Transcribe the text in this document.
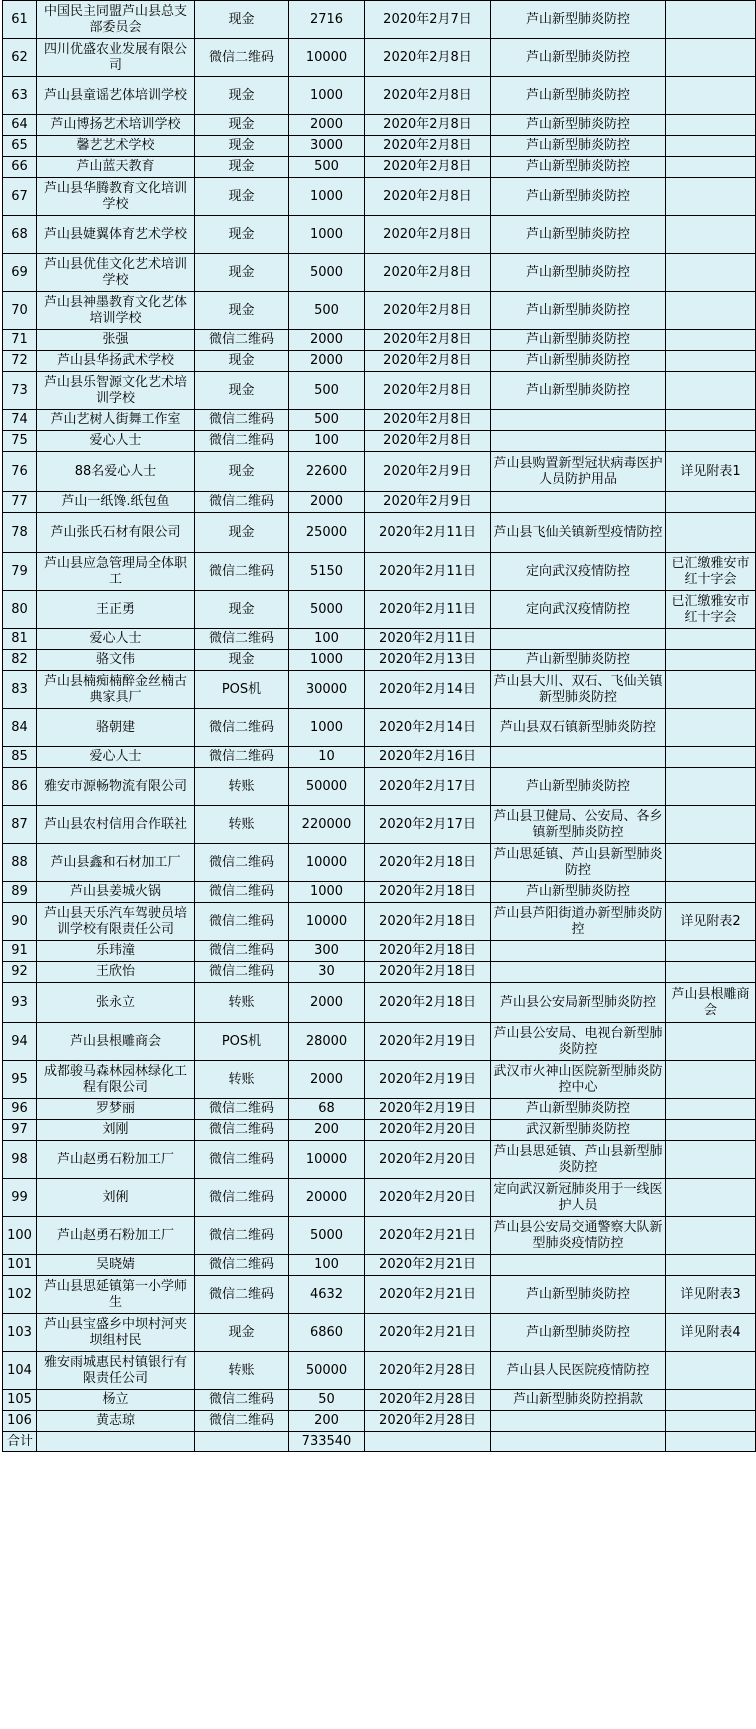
61	中国民主同盟芦山县总支部委员会	现金	2716	2020年2月7日	芦山新型肺炎防控	
62	四川优盛农业发展有限公司	微信二维码	10000	2020年2月8日	芦山新型肺炎防控	
63	芦山县童谣艺体培训学校	现金	1000	2020年2月8日	芦山新型肺炎防控	
64	芦山博扬艺术培训学校	现金	2000	2020年2月8日	芦山新型肺炎防控	
65	馨艺艺术学校	现金	3000	2020年2月8日	芦山新型肺炎防控	
66	芦山蓝天教育	现金	500	2020年2月8日	芦山新型肺炎防控	
67	芦山县华腾教育文化培训学校	现金	1000	2020年2月8日	芦山新型肺炎防控	
68	芦山县婕翼体育艺术学校	现金	1000	2020年2月8日	芦山新型肺炎防控	
69	芦山县优佳文化艺术培训学校	现金	5000	2020年2月8日	芦山新型肺炎防控	
70	芦山县神墨教育文化艺体培训学校	现金	500	2020年2月8日	芦山新型肺炎防控	
71	张强	微信二维码	2000	2020年2月8日	芦山新型肺炎防控	
72	芦山县华扬武术学校	现金	2000	2020年2月8日	芦山新型肺炎防控	
73	芦山县乐智源文化艺术培训学校	现金	500	2020年2月8日	芦山新型肺炎防控	
74	芦山艺树人街舞工作室	微信二维码	500	2020年2月8日		
75	爱心人士	微信二维码	100	2020年2月8日		
76	88名爱心人士	现金	22600	2020年2月9日	芦山县购置新型冠状病毒医护人员防护用品	详见附表1
77	芦山一纸馋.纸包鱼	微信二维码	2000	2020年2月9日		
78	芦山张氏石材有限公司	现金	25000	2020年2月11日	芦山县飞仙关镇新型疫情防控	
79	芦山县应急管理局全体职工	微信二维码	5150	2020年2月11日	定向武汉疫情防控	已汇缴雅安市红十字会
80	王正勇	现金	5000	2020年2月11日	定向武汉疫情防控	已汇缴雅安市红十字会
81	爱心人士	微信二维码	100	2020年2月11日		
82	骆文伟	现金	1000	2020年2月13日	芦山新型肺炎防控	
83	芦山县楠痴楠醉金丝楠古典家具厂	POS机	30000	2020年2月14日	芦山县大川、双石、飞仙关镇新型肺炎防控	
84	骆朝建	微信二维码	1000	2020年2月14日	芦山县双石镇新型肺炎防控	
85	爱心人士	微信二维码	10	2020年2月16日		
86	雅安市源畅物流有限公司	转账	50000	2020年2月17日	芦山新型肺炎防控	
87	芦山县农村信用合作联社	转账	220000	2020年2月17日	芦山县卫健局、公安局、各乡镇新型肺炎防控	
88	芦山县鑫和石材加工厂	微信二维码	10000	2020年2月18日	芦山思延镇、芦山县新型肺炎防控	
89	芦山县姜城火锅	微信二维码	1000	2020年2月18日	芦山新型肺炎防控	
90	芦山县天乐汽车驾驶员培训学校有限责任公司	微信二维码	10000	2020年2月18日	芦山县芦阳街道办新型肺炎防控	详见附表2
91	乐玮潼	微信二维码	300	2020年2月18日		
92	王欣怡	微信二维码	30	2020年2月18日		
93	张永立	转账	2000	2020年2月18日	芦山县公安局新型肺炎防控	芦山县根雕商会
94	芦山县根雕商会	POS机	28000	2020年2月19日	芦山县公安局、电视台新型肺炎防控	
95	成都骏马森林园林绿化工程有限公司	转账	2000	2020年2月19日	武汉市火神山医院新型肺炎防控中心	
96	罗梦丽	微信二维码	68	2020年2月19日	芦山新型肺炎防控	
97	刘刚	微信二维码	200	2020年2月20日	武汉新型肺炎防控	
98	芦山赵勇石粉加工厂	微信二维码	10000	2020年2月20日	芦山县思延镇、芦山县新型肺炎防控	
99	刘俐	微信二维码	20000	2020年2月20日	定向武汉新冠肺炎用于一线医护人员	
100	芦山赵勇石粉加工厂	微信二维码	5000	2020年2月21日	芦山县公安局交通警察大队新型肺炎疫情防控	
101	吴晓婧	微信二维码	100	2020年2月21日		
102	芦山县思延镇第一小学师生	微信二维码	4632	2020年2月21日	芦山新型肺炎防控	详见附表3
103	芦山县宝盛乡中坝村河夹坝组村民	现金	6860	2020年2月21日	芦山新型肺炎防控	详见附表4
104	雅安雨城惠民村镇银行有限责任公司	转账	50000	2020年2月28日	芦山县人民医院疫情防控	
105	杨立	微信二维码	50	2020年2月28日	芦山新型肺炎防控捐款	
106	黄志琼	微信二维码	200	2020年2月28日		
合计			733540			
